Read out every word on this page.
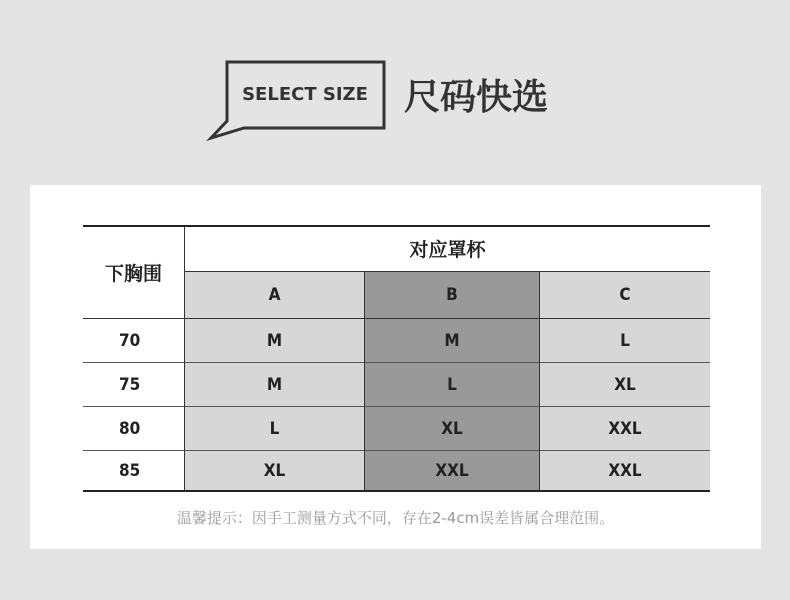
SELECT SIZE	尺码快选
下胸围
对应罩杯
A	B	C
70	M	M	L
75	M	L	XL
80	L	XL	XXL
85	XL	XXL	XXL
温馨提示：因手工测量方式不同，存在2-4cm误差皆属合理范围。
